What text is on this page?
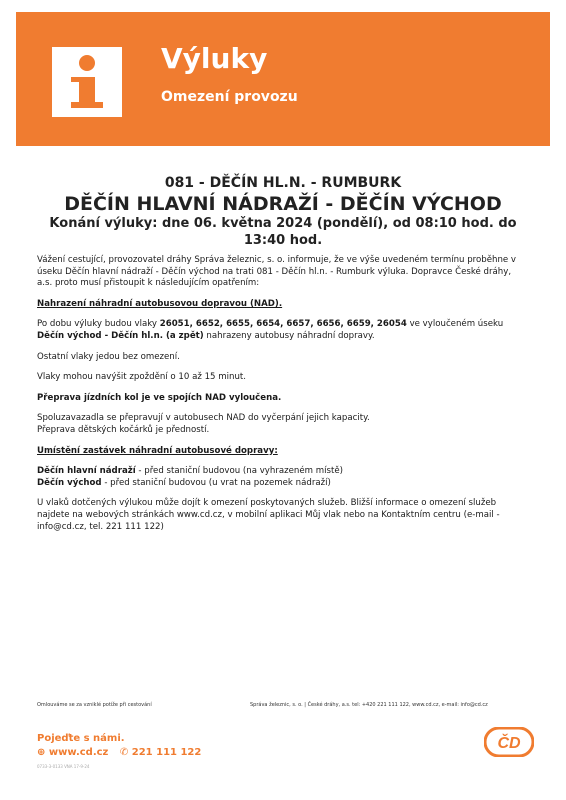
Výluky
Omezení provozu
081 - DĚČÍN HL.N. - RUMBURK
DĚČÍN HLAVNÍ NÁDRAŽÍ - DĚČÍN VÝCHOD
Konání výluky: dne 06. května 2024 (pondělí), od 08:10 hod. do 13:40 hod.

Vážení cestující, provozovatel dráhy Správa železnic, s. o. informuje, že ve výše uvedeném termínu proběhne v úseku Děčín hlavní nádraží - Děčín východ na trati 081 - Děčín hl.n. - Rumburk výluka. Dopravce České dráhy, a.s. proto musí přistoupit k následujícím opatřením:

Nahrazení náhradní autobusovou dopravou (NAD).

Po dobu výluky budou vlaky 26051, 6652, 6655, 6654, 6657, 6656, 6659, 26054 ve vyloučeném úseku Děčín východ - Děčín hl.n. (a zpět) nahrazeny autobusy náhradní dopravy.

Ostatní vlaky jedou bez omezení.

Vlaky mohou navýšit zpoždění o 10 až 15 minut.

Přeprava jízdních kol je ve spojích NAD vyloučena.

Spoluzavazadla se přepravují v autobusech NAD do vyčerpání jejich kapacity.

Přeprava dětských kočárků je předností.

Umístění zastávek náhradní autobusové dopravy:

Děčín hlavní nádraží - před staniční budovou (na vyhrazeném místě)

Děčín východ - před staniční budovou (u vrat na pozemek nádraží)

U vlaků dotčených výlukou může dojít k omezení poskytovaných služeb. Bližší informace o omezení služeb najdete na webových stránkách www.cd.cz, v mobilní aplikaci Můj vlak nebo na Kontaktním centru (e-mail - info@cd.cz, tel. 221 111 122)

Omlouváme se za vzniklé potíže při cestování	Správa železnic, s. o. | České dráhy, a.s. tel: +420 221 111 122, www.cd.cz, e-mail: info@cd.cz
Pojeďte s námi.
⊕ www.cd.cz ✆ 221 111 122
0733-3-0133 VNA 17-9-24
ČD
